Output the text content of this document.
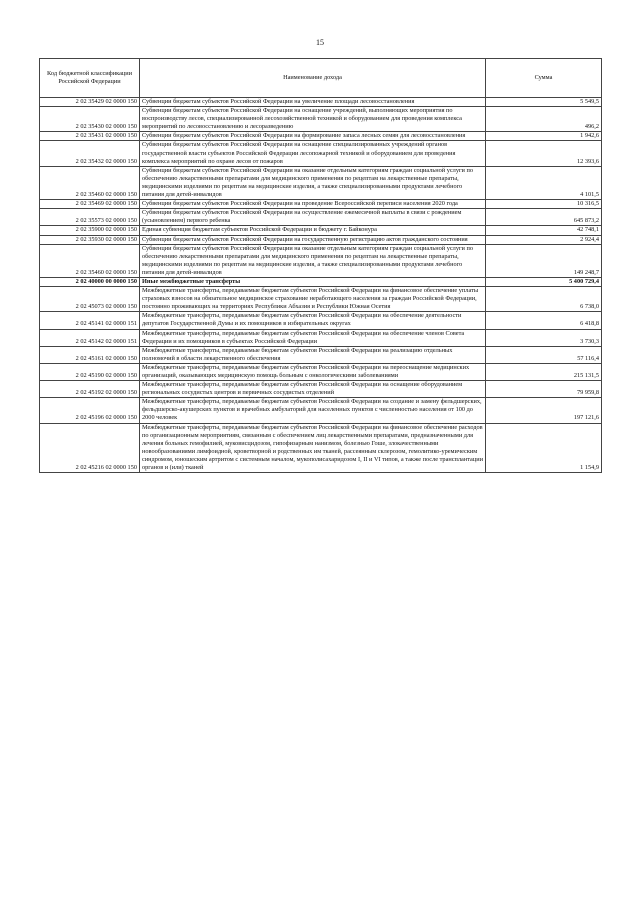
15
Код бюджетной классификации Российской Федерации	Наименование дохода	Сумма
2 02 35429 02 0000 150	Субвенции бюджетам субъектов Российской Федерации на увеличение площади лесовосстановления	5 549,5
2 02 35430 02 0000 150	Субвенции бюджетам субъектов Российской Федерации на оснащение учреждений, выполняющих мероприятия по воспроизводству лесов, специализированной лесохозяйственной техникой и оборудованием для проведения комплекса мероприятий по лесовосстановлению и лесоразведению	496,2
2 02 35431 02 0000 150	Субвенции бюджетам субъектов Российской Федерации на формирование запаса лесных семян для лесовосстановления	1 942,6
2 02 35432 02 0000 150	Субвенции бюджетам субъектов Российской Федерации на оснащение специализированных учреждений органов государственной власти субъектов Российской Федерации лесопожарной техникой и оборудованием для проведения комплекса мероприятий по охране лесов от пожаров	12 393,6
2 02 35460 02 0000 150	Субвенции бюджетам субъектов Российской Федерации на оказание отдельным категориям граждан социальной услуги по обеспечению лекарственными препаратами для медицинского применения по рецептам на лекарственные препараты, медицинскими изделиями по рецептам на медицинские изделия, а также специализированными продуктами лечебного питания для детей-инвалидов	4 101,5
2 02 35469 02 0000 150	Субвенции бюджетам субъектов Российской Федерации на проведение Всероссийской переписи населения 2020 года	10 316,5
2 02 35573 02 0000 150	Субвенции бюджетам субъектов Российской Федерации на осуществление ежемесячной выплаты в связи с рождением (усыновлением) первого ребенка	645 873,2
2 02 35900 02 0000 150	Единая субвенция бюджетам субъектов Российской Федерации и бюджету г. Байконура	42 748,1
2 02 35930 02 0000 150	Субвенции бюджетам субъектов Российской Федерации на государственную регистрацию актов гражданского состояния	2 924,4
2 02 35460 02 0000 150	Субвенции бюджетам субъектов Российской Федерации на оказание отдельным категориям граждан социальной услуги по обеспечению лекарственными препаратами для медицинского применения по рецептам на лекарственные препараты, медицинскими изделиями по рецептам на медицинские изделия, а также специализированными продуктами лечебного питания для детей-инвалидов	149 248,7
2 02 40000 00 0000 150	Иные межбюджетные трансферты	5 400 729,4
2 02 45073 02 0000 150	Межбюджетные трансферты, передаваемые бюджетам субъектов Российской Федерации на финансовое обеспечение уплаты страховых взносов на обязательное медицинское страхование неработающего населения за граждан Российской Федерации, постоянно проживающих на территориях Республики Абхазия и Республики Южная Осетия	6 738,0
2 02 45141 02 0000 151	Межбюджетные трансферты, передаваемые бюджетам субъектов Российской Федерации на обеспечение деятельности депутатов Государственной Думы и их помощников в избирательных округах	6 418,8
2 02 45142 02 0000 151	Межбюджетные трансферты, передаваемые бюджетам субъектов Российской Федерации на обеспечение членов Совета Федерации и их помощников в субъектах Российской Федерации	3 730,3
2 02 45161 02 0000 150	Межбюджетные трансферты, передаваемые бюджетам субъектов Российской Федерации на реализацию отдельных полномочий в области лекарственного обеспечения	57 116,4
2 02 45190 02 0000 150	Межбюджетные трансферты, передаваемые бюджетам субъектов Российской Федерации на переоснащение медицинских организаций, оказывающих медицинскую помощь больным с онкологическими заболеваниями	215 131,5
2 02 45192 02 0000 150	Межбюджетные трансферты, передаваемые бюджетам субъектов Российской Федерации на оснащение оборудованием региональных сосудистых центров и первичных сосудистых отделений	79 959,8
2 02 45196 02 0000 150	Межбюджетные трансферты, передаваемые бюджетам субъектов Российской Федерации на создание и замену фельдшерских, фельдшерско-акушерских пунктов и врачебных амбулаторий для населенных пунктов с численностью населения от 100 до 2000 человек	197 121,6
2 02 45216 02 0000 150	Межбюджетные трансферты, передаваемые бюджетам субъектов Российской Федерации на финансовое обеспечение расходов по организационным мероприятиям, связанным с обеспечением лиц лекарственными препаратами, предназначенными для лечения больных гемофилией, муковисцидозом, гипофизарным нанизмом, болезнью Гоше, злокачественными новообразованиями лимфоидной, кроветворной и родственных им тканей, рассеянным склерозом, гемолитико-уремическим синдромом, юношеским артритом с системным началом, мукополисахаридозом I, II и VI типов, а также после трансплантации органов и (или) тканей	1 154,9
